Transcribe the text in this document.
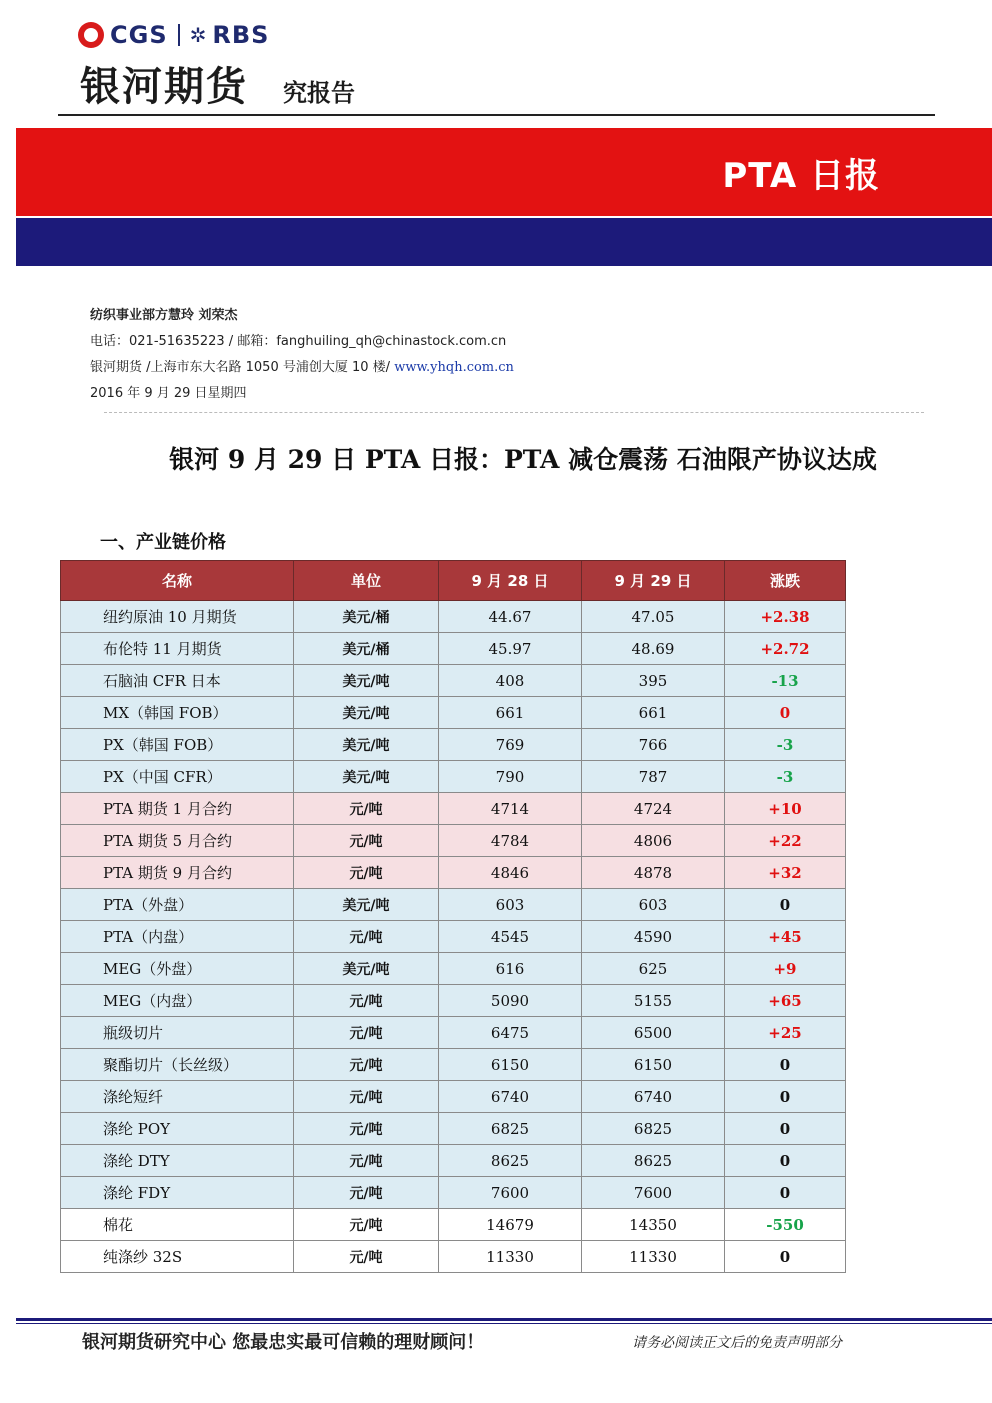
CGS ✲ RBS
银河期货 究报告
PTA 日报
纺织事业部方慧玲 刘荣杰
电话：021-51635223 / 邮箱：fanghuiling_qh@chinastock.com.cn
银河期货 /上海市东大名路 1050 号浦创大厦 10 楼/ www.yhqh.com.cn
2016 年 9 月 29 日星期四
银河 9 月 29 日 PTA 日报：PTA 减仓震荡 石油限产协议达成
一、产业链价格
名称	单位	9 月 28 日	9 月 29 日	涨跌
纽约原油 10 月期货	美元/桶	44.67	47.05	+2.38
布伦特 11 月期货	美元/桶	45.97	48.69	+2.72
石脑油 CFR 日本	美元/吨	408	395	-13
MX（韩国 FOB）	美元/吨	661	661	0
PX（韩国 FOB）	美元/吨	769	766	-3
PX（中国 CFR）	美元/吨	790	787	-3
PTA 期货 1 月合约	元/吨	4714	4724	+10
PTA 期货 5 月合约	元/吨	4784	4806	+22
PTA 期货 9 月合约	元/吨	4846	4878	+32
PTA（外盘）	美元/吨	603	603	0
PTA（内盘）	元/吨	4545	4590	+45
MEG（外盘）	美元/吨	616	625	+9
MEG（内盘）	元/吨	5090	5155	+65
瓶级切片	元/吨	6475	6500	+25
聚酯切片（长丝级）	元/吨	6150	6150	0
涤纶短纤	元/吨	6740	6740	0
涤纶 POY	元/吨	6825	6825	0
涤纶 DTY	元/吨	8625	8625	0
涤纶 FDY	元/吨	7600	7600	0
棉花	元/吨	14679	14350	-550
纯涤纱 32S	元/吨	11330	11330	0
银河期货研究中心 您最忠实最可信赖的理财顾问！	请务必阅读正文后的免责声明部分
